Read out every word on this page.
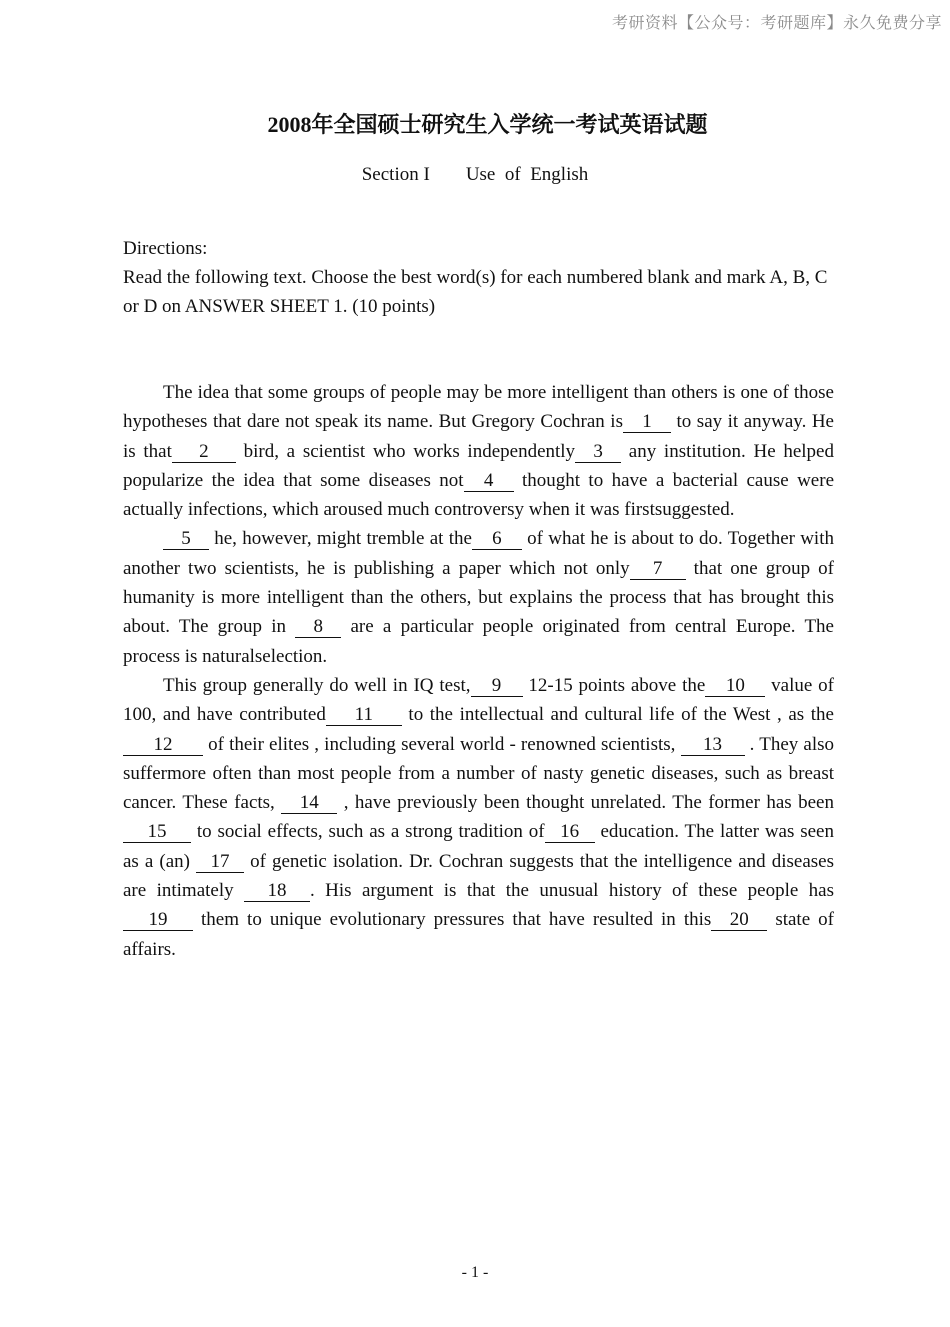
考研资料【公众号：考研题库】永久免费分享
2008年全国硕士研究生入学统一考试英语试题
Section I Use  of  English
Directions:
Read the following text. Choose the best word(s) for each numbered blank and mark A, B, C or D on ANSWER SHEET 1. (10 points)

The idea that some groups of people may be more intelligent than others is one of those hypotheses that dare not speak its name. But Gregory Cochran is 1 to say it anyway. He is that 2 bird, a scientist who works independently 3 any institution. He helped popularize the idea that some diseases not 4 thought to have a bacterial cause were actually infections, which aroused much controversy when it was firstsuggested.

5 he, however, might tremble at the 6 of what he is about to do. Together with another two scientists, he is publishing a paper which not only 7 that one group of humanity is more intelligent than the others, but explains the process that has brought this about. The group in 8 are a particular people originated from central Europe. The process is naturalselection.

This group generally do well in IQ test, 9 12-15 points above the 10 value of 100, and have contributed 11 to the intellectual and cultural life of the West , as the12 of their elites , including several world - renowned scientists, 13 . They also suffermore often than most people from a number of nasty genetic diseases, such as breast cancer. These facts, 14 , have previously been thought unrelated. The former has been15 to social effects, such as a strong tradition of 16 education. The latter was seen as a (an) 17 of genetic isolation. Dr. Cochran suggests that the intelligence and diseases are intimately 18 . His argument is that the unusual history of these people has 19 them to unique evolutionary pressures that have resulted in this 20 state of affairs.

- 1 -
